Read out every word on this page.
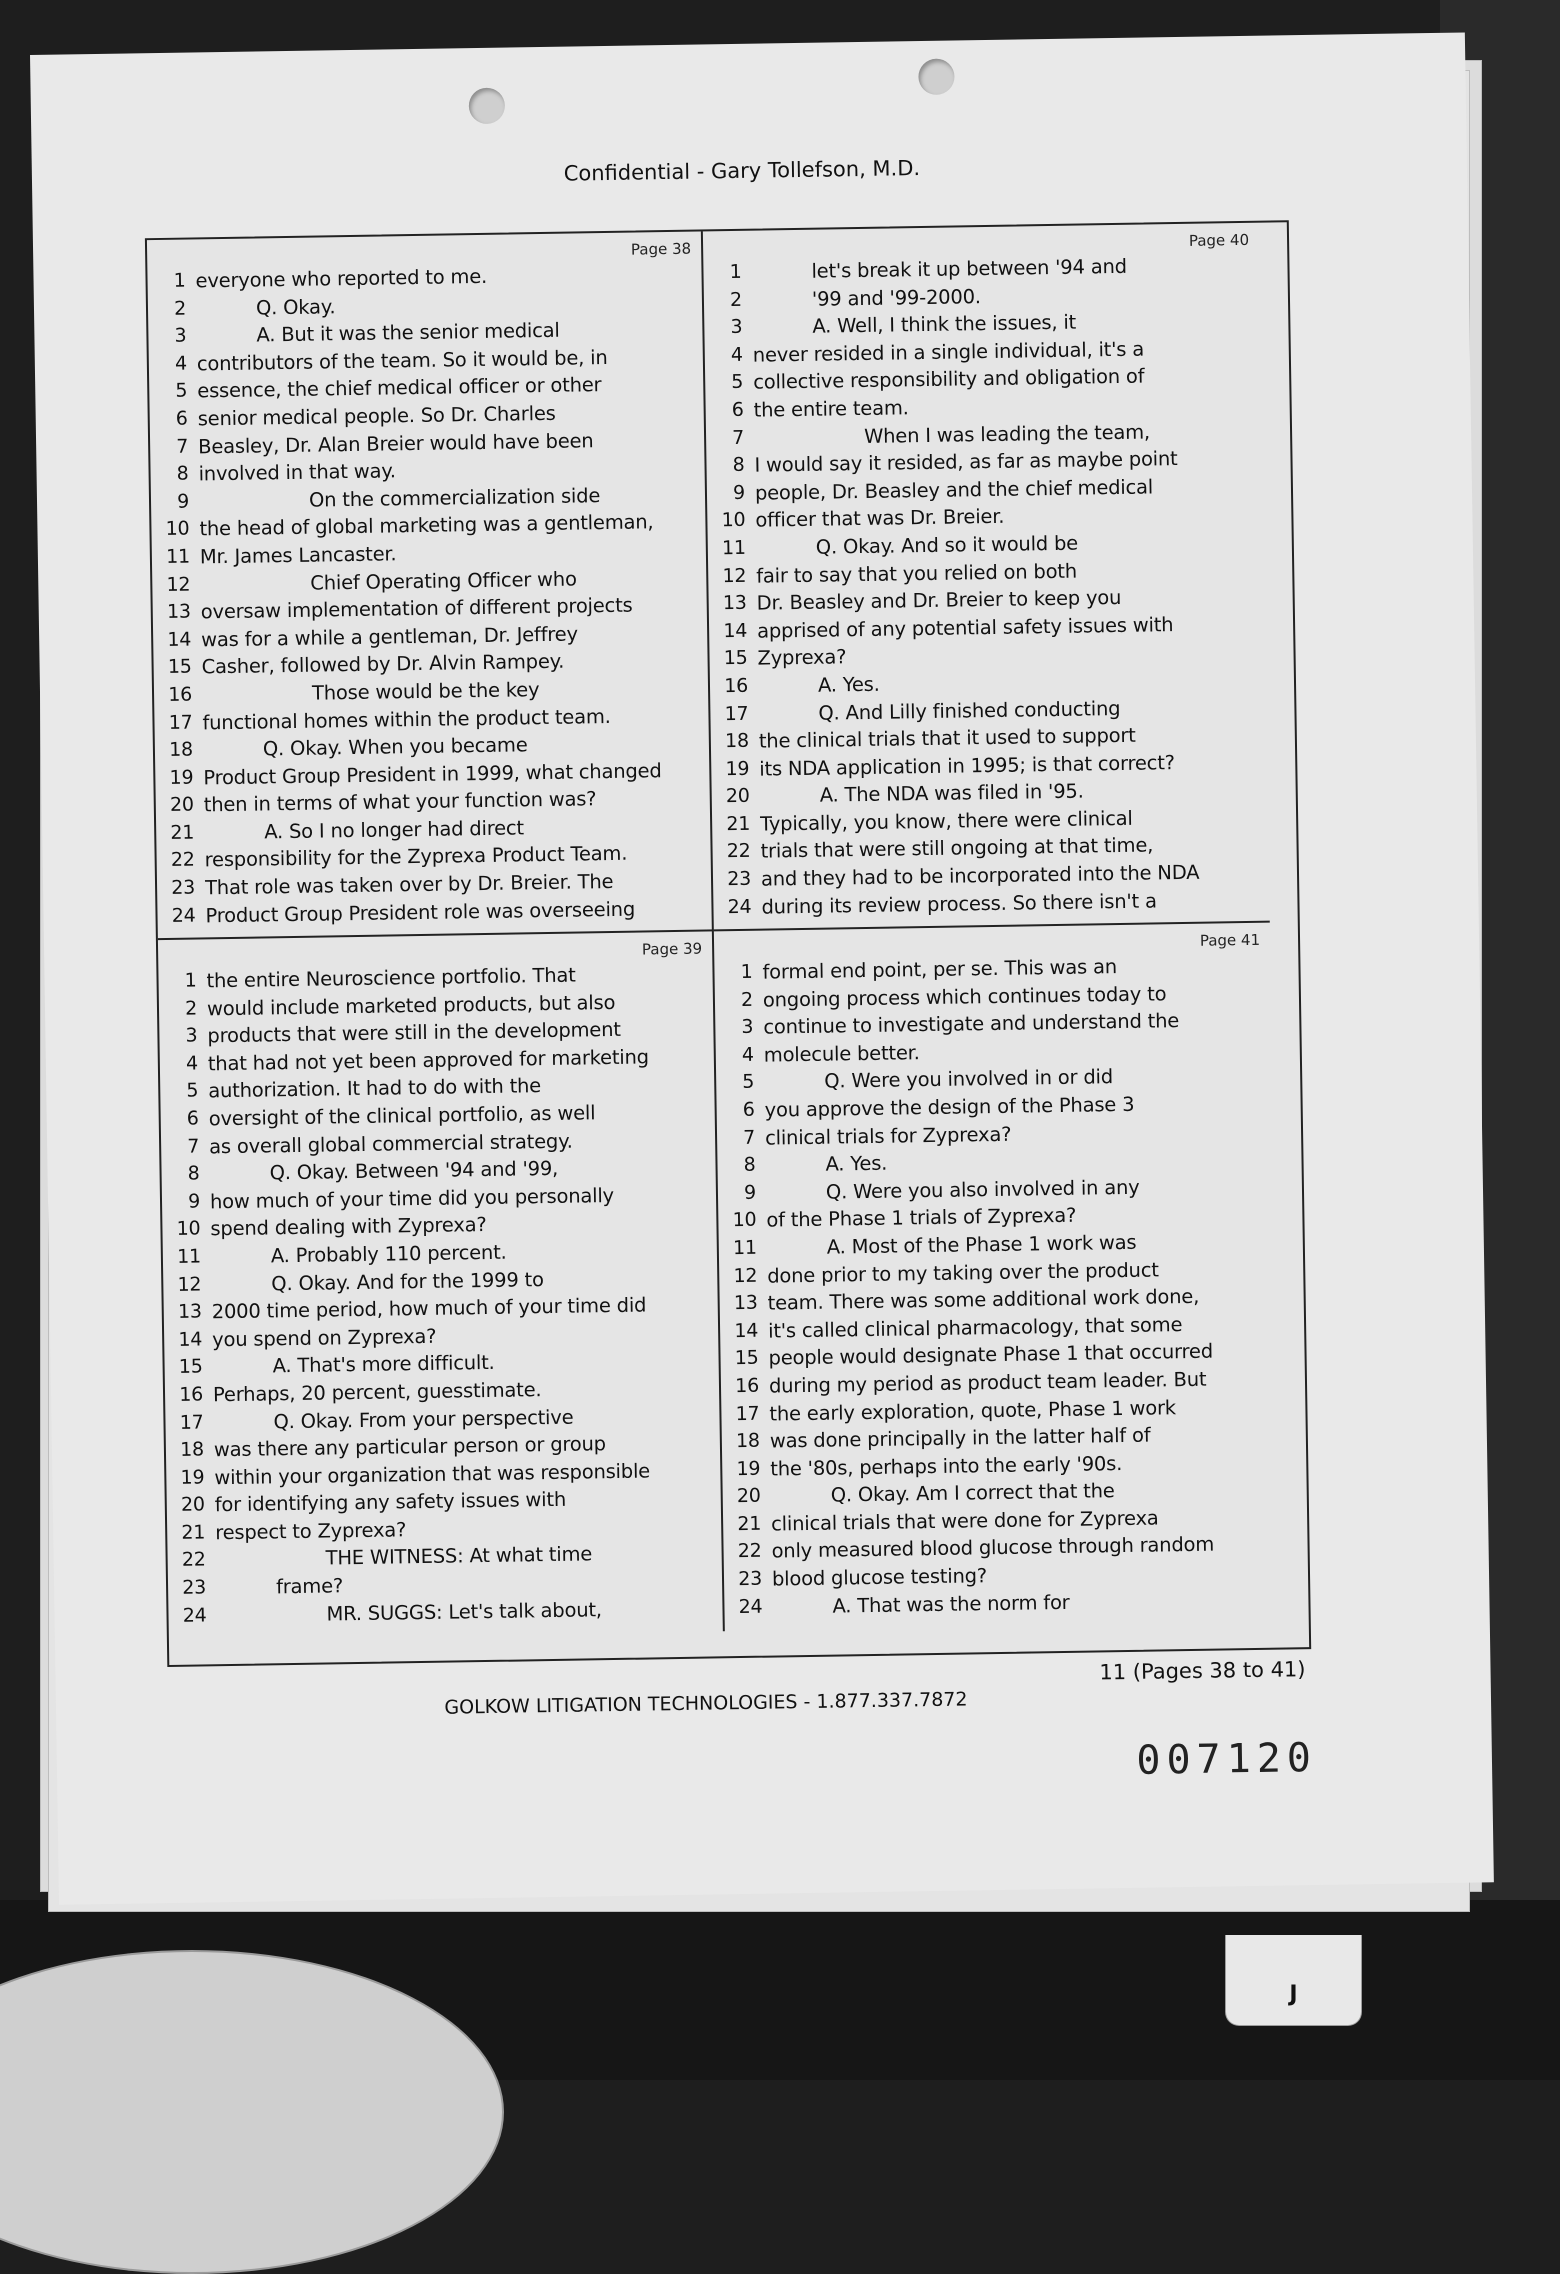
J
Confidential - Gary Tollefson, M.D.
Page 38
1 everyone who reported to me.
2	Q. Okay.
3	A. But it was the senior medical
4 contributors of the team. So it would be, in
5 essence, the chief medical officer or other
6 senior medical people. So Dr. Charles
7 Beasley, Dr. Alan Breier would have been
8 involved in that way.
9	On the commercialization side
10 the head of global marketing was a gentleman,
11 Mr. James Lancaster.
12	Chief Operating Officer who
13 oversaw implementation of different projects
14 was for a while a gentleman, Dr. Jeffrey
15 Casher, followed by Dr. Alvin Rampey.
16	Those would be the key
17 functional homes within the product team.
18	Q. Okay. When you became
19 Product Group President in 1999, what changed
20 then in terms of what your function was?
21	A. So I no longer had direct
22 responsibility for the Zyprexa Product Team.
23 That role was taken over by Dr. Breier. The
24 Product Group President role was overseeing
Page 40
1	let's break it up between '94 and
2	'99 and '99-2000.
3	A. Well, I think the issues, it
4 never resided in a single individual, it's a
5 collective responsibility and obligation of
6 the entire team.
7	When I was leading the team,
8 I would say it resided, as far as maybe point
9 people, Dr. Beasley and the chief medical
10 officer that was Dr. Breier.
11	Q. Okay. And so it would be
12 fair to say that you relied on both
13 Dr. Beasley and Dr. Breier to keep you
14 apprised of any potential safety issues with
15 Zyprexa?
16	A. Yes.
17	Q. And Lilly finished conducting
18 the clinical trials that it used to support
19 its NDA application in 1995; is that correct?
20	A. The NDA was filed in '95.
21 Typically, you know, there were clinical
22 trials that were still ongoing at that time,
23 and they had to be incorporated into the NDA
24 during its review process. So there isn't a
Page 39
1 the entire Neuroscience portfolio. That
2 would include marketed products, but also
3 products that were still in the development
4 that had not yet been approved for marketing
5 authorization. It had to do with the
6 oversight of the clinical portfolio, as well
7 as overall global commercial strategy.
8	Q. Okay. Between '94 and '99,
9 how much of your time did you personally
10 spend dealing with Zyprexa?
11	A. Probably 110 percent.
12	Q. Okay. And for the 1999 to
13 2000 time period, how much of your time did
14 you spend on Zyprexa?
15	A. That's more difficult.
16 Perhaps, 20 percent, guesstimate.
17	Q. Okay. From your perspective
18 was there any particular person or group
19 within your organization that was responsible
20 for identifying any safety issues with
21 respect to Zyprexa?
22	THE WITNESS: At what time
23	frame?
24	MR. SUGGS: Let's talk about,
Page 41
1 formal end point, per se. This was an
2 ongoing process which continues today to
3 continue to investigate and understand the
4 molecule better.
5	Q. Were you involved in or did
6 you approve the design of the Phase 3
7 clinical trials for Zyprexa?
8	A. Yes.
9	Q. Were you also involved in any
10 of the Phase 1 trials of Zyprexa?
11	A. Most of the Phase 1 work was
12 done prior to my taking over the product
13 team. There was some additional work done,
14 it's called clinical pharmacology, that some
15 people would designate Phase 1 that occurred
16 during my period as product team leader. But
17 the early exploration, quote, Phase 1 work
18 was done principally in the latter half of
19 the '80s, perhaps into the early '90s.
20	Q. Okay. Am I correct that the
21 clinical trials that were done for Zyprexa
22 only measured blood glucose through random
23 blood glucose testing?
24	A. That was the norm for
11 (Pages 38 to 41)
GOLKOW LITIGATION TECHNOLOGIES - 1.877.337.7872
007120
